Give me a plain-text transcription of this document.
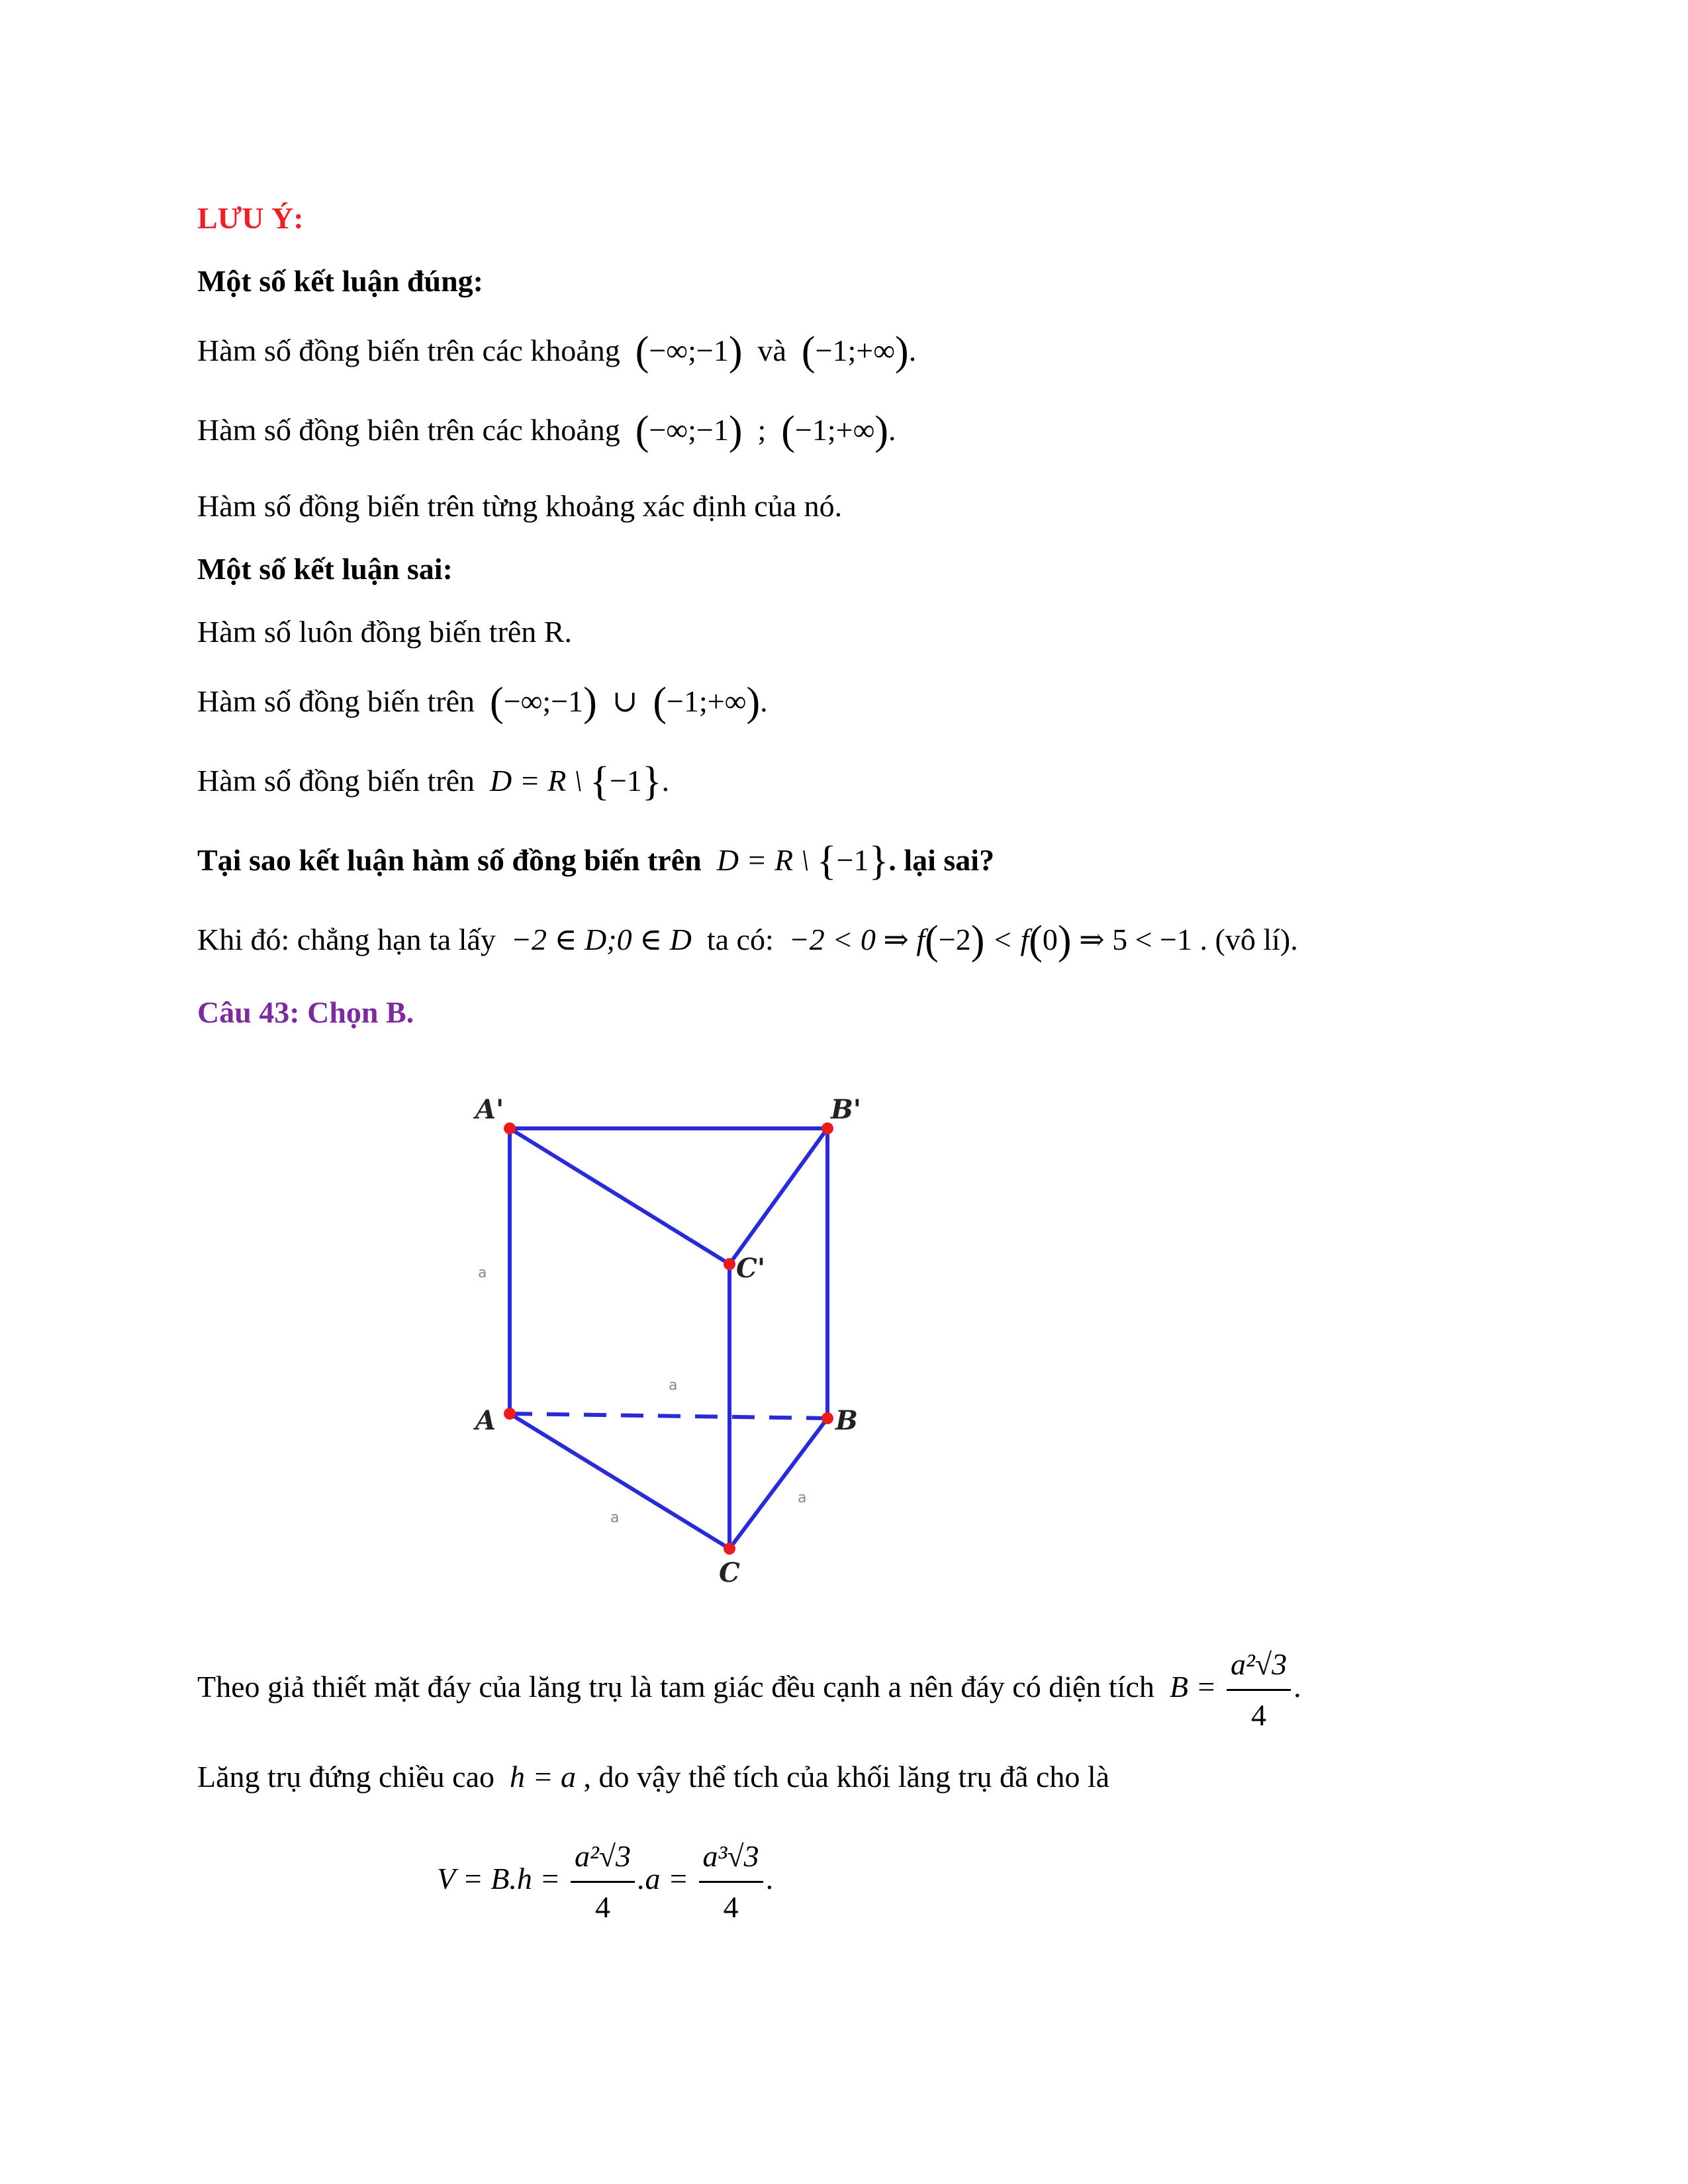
LƯU Ý:
Một số kết luận đúng:
Hàm số đồng biến trên các khoảng (−∞;−1) và (−1;+∞).
Hàm số đồng biên trên các khoảng (−∞;−1) ; (−1;+∞).
Hàm số đồng biến trên từng khoảng xác định của nó.
Một số kết luận sai:
Hàm số luôn đồng biến trên R.
Hàm số đồng biến trên (−∞;−1) ∪ (−1;+∞).
Hàm số đồng biến trên D = R \ {−1}.
Tại sao kết luận hàm số đồng biến trên D = R \ {−1}. lại sai?
Khi đó: chẳng hạn ta lấy −2 ∈ D;0 ∈ D ta có: −2 < 0 ⇒ f(−2) < f(0) ⇒ 5 < −1 . (vô lí).
Câu 43: Chọn B.
A'	B'
C'
A	B
C
a
a
a
a
Theo giả thiết mặt đáy của lăng trụ là tam giác đều cạnh a nên đáy có diện tích $B = \frac{\text{a²√3}}{4}$ .
Lăng trụ đứng chiều cao h = a , do vậy thể tích của khối lăng trụ đã cho là
$V = B.h = \frac{\text{a²√3}}{4} .a = \frac{\text{a³√3}}{4}$ .
